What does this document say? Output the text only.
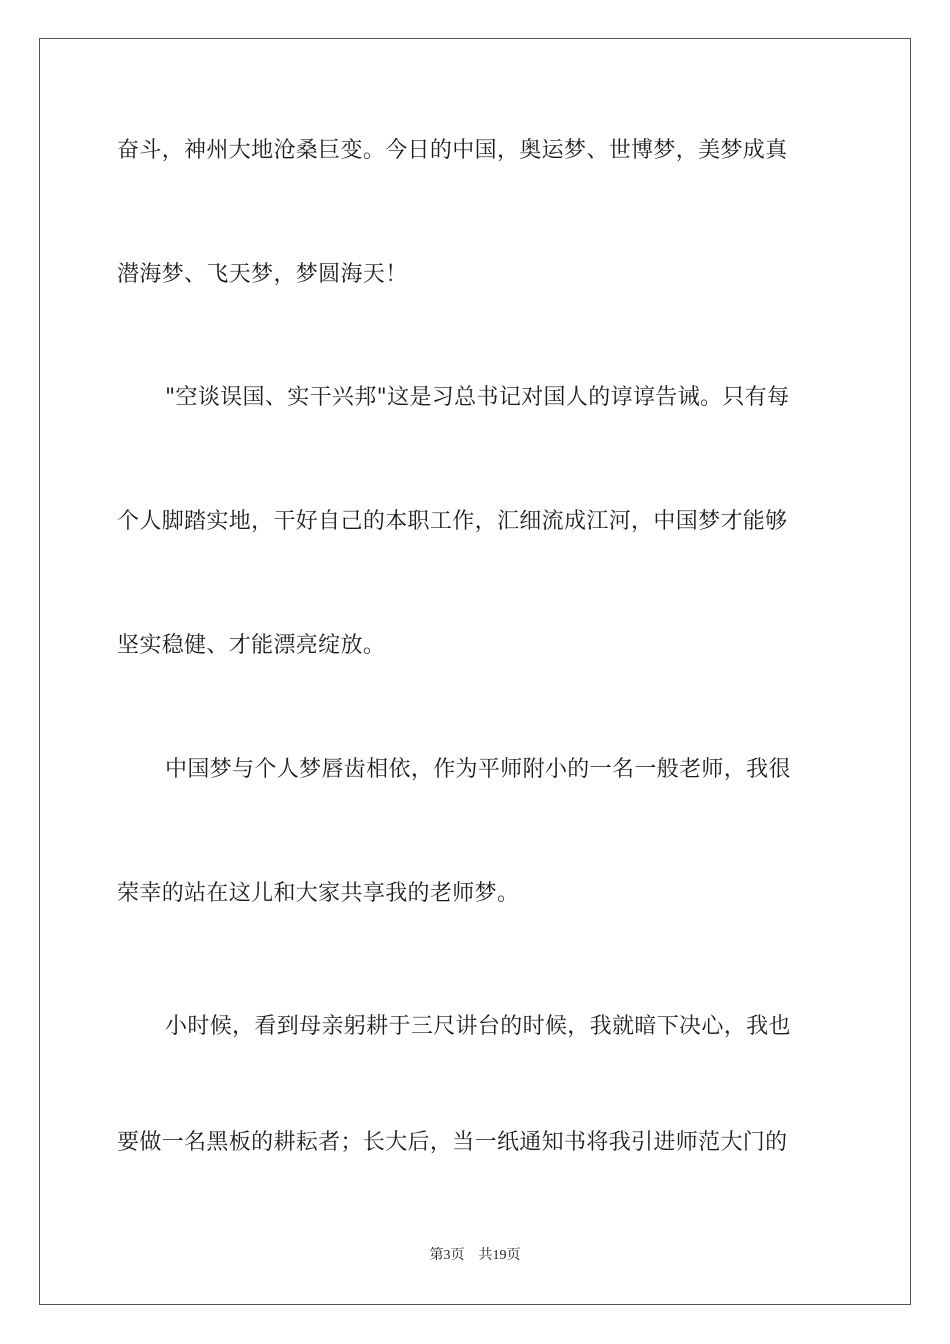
奋斗，神州大地沧桑巨变。今日的中国，奥运梦、世博梦，美梦成真
潜海梦、飞天梦，梦圆海天！
"空谈误国、实干兴邦"这是习总书记对国人的谆谆告诫。只有每
个人脚踏实地，干好自己的本职工作，汇细流成江河，中国梦才能够
坚实稳健、才能漂亮绽放。
中国梦与个人梦唇齿相依，作为平师附小的一名一般老师，我很
荣幸的站在这儿和大家共享我的老师梦。
小时候，看到母亲躬耕于三尺讲台的时候，我就暗下决心，我也
要做一名黑板的耕耘者；长大后，当一纸通知书将我引进师范大门的
第3页 共19页
